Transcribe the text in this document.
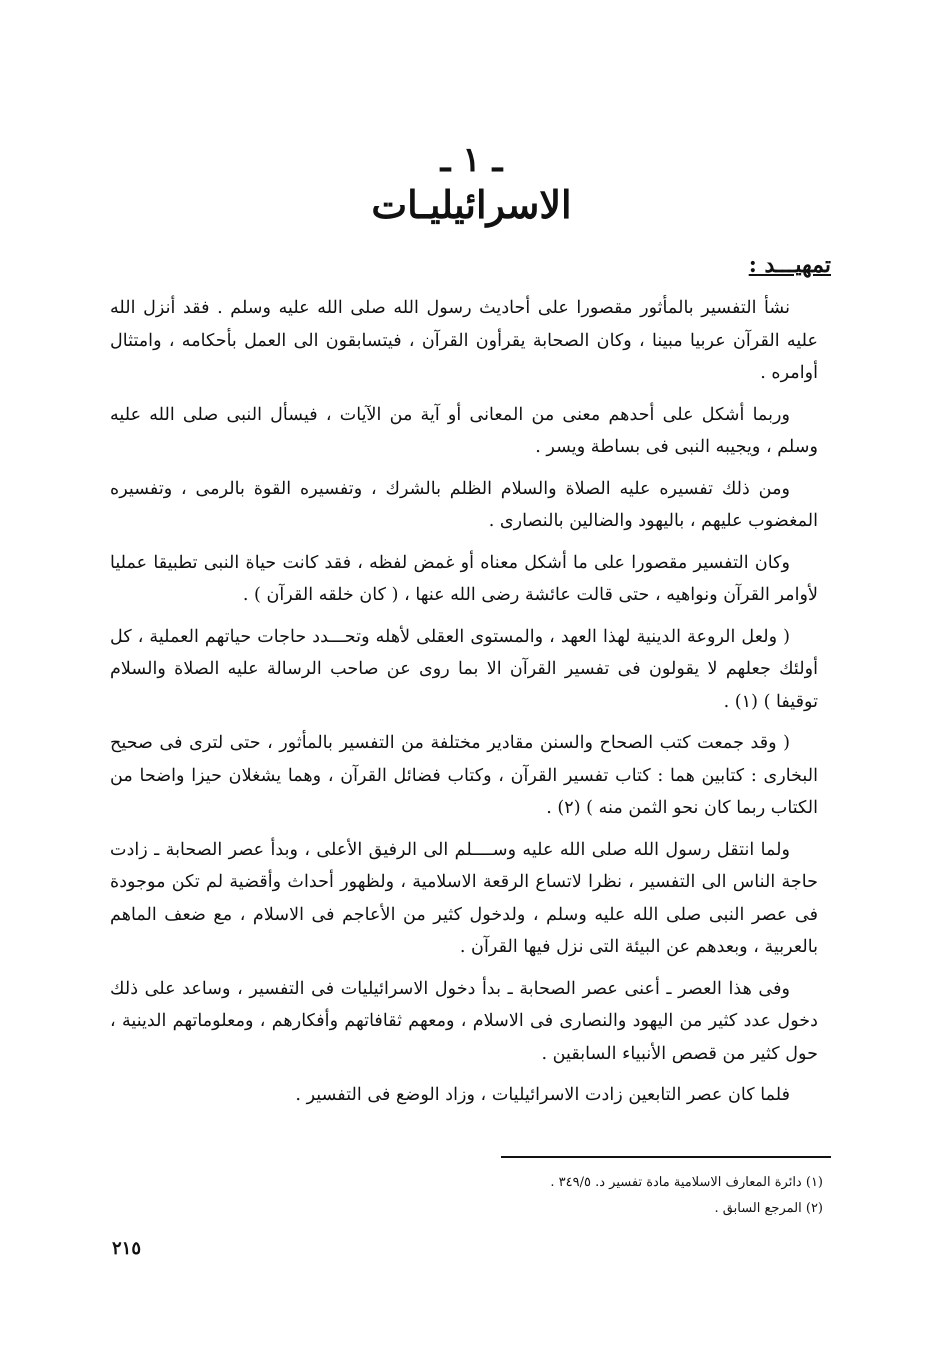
ـ ١ ـ
الاسرائيليـات
تمهيـــد :

نشأ التفسير بالمأثور مقصورا على أحاديث رسول الله صلى الله عليه وسلم . فقد أنزل الله عليه القرآن عربيا مبينا ، وكان الصحابة يقرأون القرآن ، فيتسابقون الى العمل بأحكامه ، وامتثال أوامره .

وربما أشكل على أحدهم معنى من المعانى أو آية من الآيات ، فيسأل النبى صلى الله عليه وسلم ، ويجيبه النبى فى بساطة ويسر .

ومن ذلك تفسيره عليه الصلاة والسلام الظلم بالشرك ، وتفسيره القوة بالرمى ، وتفسيره المغضوب عليهم ، باليهود والضالين بالنصارى .

وكان التفسير مقصورا على ما أشكل معناه أو غمض لفظه ، فقد كانت حياة النبى تطبيقا عمليا لأوامر القرآن ونواهيه ، حتى قالت عائشة رضى الله عنها ، ( كان خلقه القرآن ) .

( ولعل الروعة الدينية لهذا العهد ، والمستوى العقلى لأهله وتحـــدد حاجات حياتهم العملية ، كل أولئك جعلهم لا يقولون فى تفسير القرآن الا بما روى عن صاحب الرسالة عليه الصلاة والسلام توقيفا ) (١) .

( وقد جمعت كتب الصحاح والسنن مقادير مختلفة من التفسير بالمأثور ، حتى لترى فى صحيح البخارى : كتابين هما : كتاب تفسير القرآن ، وكتاب فضائل القرآن ، وهما يشغلان حيزا واضحا من الكتاب ربما كان نحو الثمن منه ) (٢) .

ولما انتقل رسول الله صلى الله عليه وســــلم الى الرفيق الأعلى ، وبدأ عصر الصحابة ـ زادت حاجة الناس الى التفسير ، نظرا لاتساع الرقعة الاسلامية ، ولظهور أحداث وأقضية لم تكن موجودة فى عصر النبى صلى الله عليه وسلم ، ولدخول كثير من الأعاجم فى الاسلام ، مع ضعف الماهم بالعربية ، وبعدهم عن البيئة التى نزل فيها القرآن .

وفى هذا العصر ـ أعنى عصر الصحابة ـ بدأ دخول الاسرائيليات فى التفسير ، وساعد على ذلك دخول عدد كثير من اليهود والنصارى فى الاسلام ، ومعهم ثقافاتهم وأفكارهم ، ومعلوماتهم الدينية ، حول كثير من قصص الأنبياء السابقين .

فلما كان عصر التابعين زادت الاسرائيليات ، وزاد الوضع فى التفسير .

(١) دائرة المعارف الاسلامية مادة تفسير د. ٣٤٩/٥ .

(٢) المرجع السابق .

٢١٥
